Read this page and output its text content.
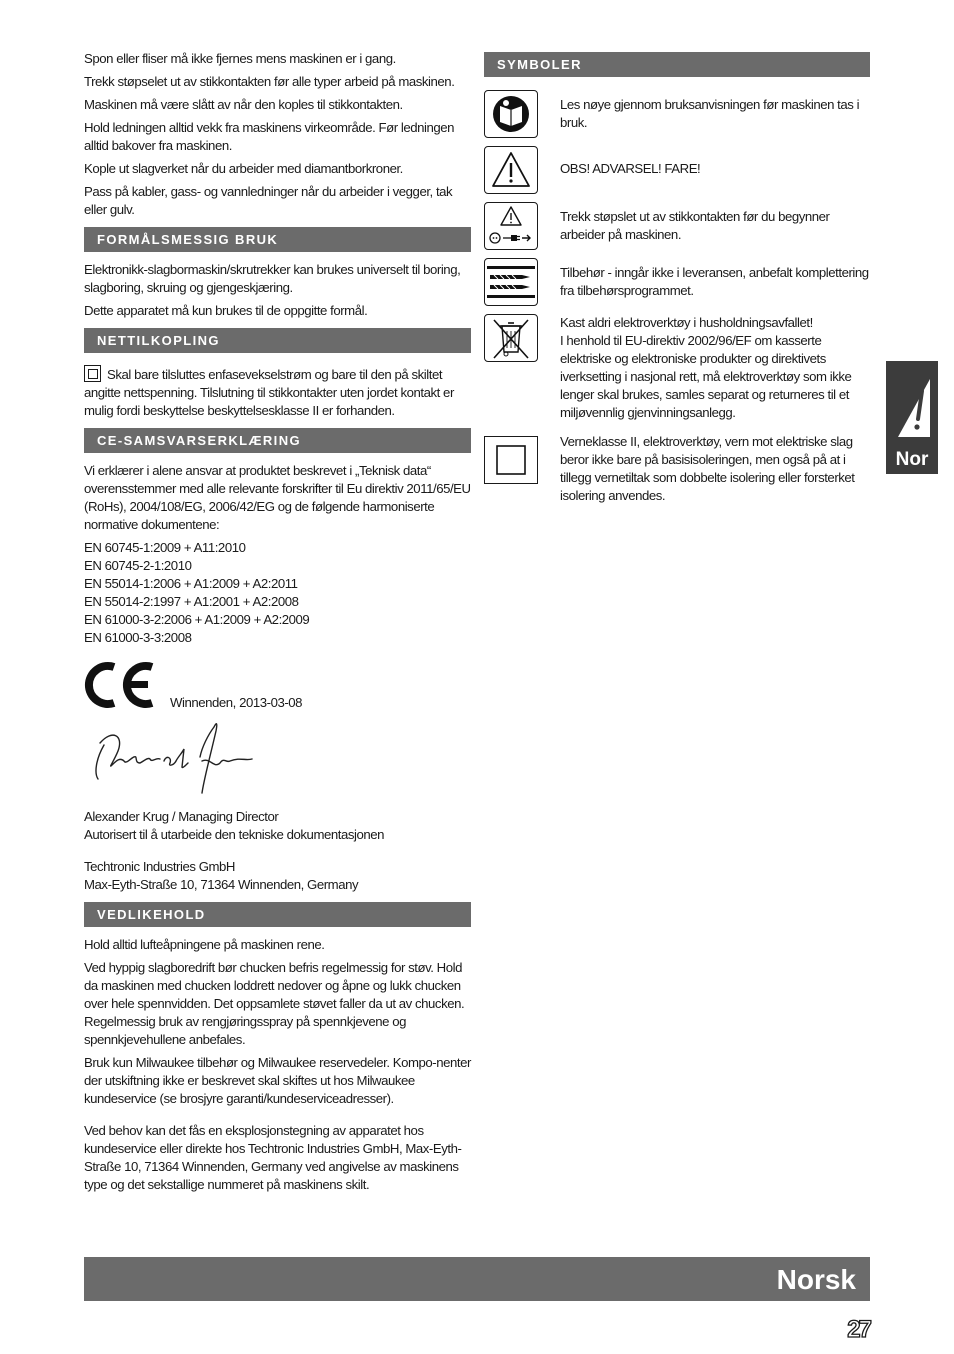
Spon eller fliser må ikke fjernes mens maskinen er i gang.

Trekk støpselet ut av stikkontakten før alle typer arbeid på maskinen.

Maskinen må være slått av når den koples til stikkontakten.

Hold ledningen alltid vekk fra maskinens virkeområde. Før ledningen alltid bakover fra maskinen.

Kople ut slagverket når du arbeider med diamantborkroner.

Pass på kabler, gass- og vannledninger når du arbeider i vegger, tak eller gulv.

FORMÅLSMESSIG BRUK

Elektronikk-slagbormaskin/skrutrekker kan brukes universelt til boring, slagboring, skruing og gjengeskjæring.

Dette apparatet må kun brukes til de oppgitte formål.

NETTILKOPLING

Skal bare tilsluttes enfasevekselstrøm og bare til den på skiltet angitte nettspenning. Tilslutning til stikkontakter uten jordet kontakt er mulig fordi beskyttelse beskyttelsesklasse II er forhanden.

CE-SAMSVARSERKLÆRING

Vi erklærer i alene ansvar at produktet beskrevet i „Teknisk data“ overensstemmer med alle relevante forskrifter til Eu direktiv 2011/65/EU (RoHs), 2004/108/EG, 2006/42/EG og de følgende harmoniserte normative dokumentene:

EN 60745-1:2009 + A11:2010

EN 60745-2-1:2010

EN 55014-1:2006 + A1:2009 + A2:2011

EN 55014-2:1997 + A1:2001 + A2:2008

EN 61000-3-2:2006 + A1:2009 + A2:2009

EN 61000-3-3:2008

Winnenden, 2013-03-08

Alexander Krug / Managing Director

Autorisert til å utarbeide den tekniske dokumentasjonen

Techtronic Industries GmbH

Max-Eyth-Straße 10, 71364 Winnenden, Germany

VEDLIKEHOLD

Hold alltid lufteåpningene på maskinen rene.

Ved hyppig slagboredrift bør chucken befris regelmessig for støv. Hold da maskinen med chucken loddrett nedover og åpne og lukk chucken over hele spennvidden. Det oppsamlete støvet faller da ut av chucken. Regelmessig bruk av rengjøringsspray på spennkjevene og spennkjevehullene anbefales.

Bruk kun Milwaukee tilbehør og Milwaukee reservedeler. Kompo-nenter der utskiftning ikke er beskrevet skal skiftes ut hos Milwaukee kundeservice (se brosjyre garanti/kundeserviceadresser).

Ved behov kan det fås en eksplosjonstegning av apparatet hos kundeservice eller direkte hos Techtronic Industries GmbH, Max-Eyth-Straße 10, 71364 Winnenden, Germany ved angivelse av maskinens type og det sekstallige nummeret på maskinens skilt.

SYMBOLER

Les nøye gjennom bruksanvisningen før maskinen tas i bruk.

OBS! ADVARSEL! FARE!

Trekk støpslet ut av stikkontakten før du begynner arbeider på maskinen.

Tilbehør - inngår ikke i leveransen, anbefalt komplettering fra tilbehørsprogrammet.

Kast aldri elektroverktøy i husholdningsavfallet!

I henhold til EU-direktiv 2002/96/EF om kasserte elektriske og elektroniske produkter og direktivets iverksetting i nasjonal rett, må elektroverktøy som ikke lenger skal brukes, samles separat og returneres til et miljøvennlig gjenvinningsanlegg.

Verneklasse II, elektroverktøy, vern mot elektriske slag beror ikke bare på basisisoleringen, men også på at i tillegg vernetiltak som dobbelte isolering eller forsterket isolering anvendes.

Nor
Norsk
27
